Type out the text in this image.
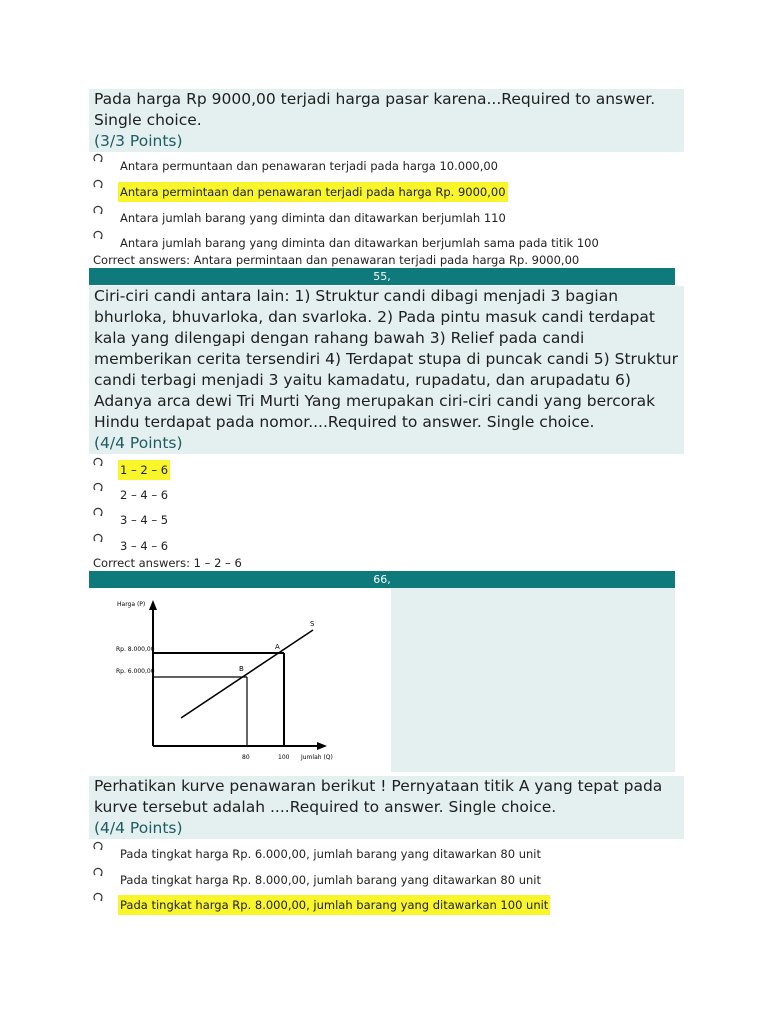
Pada harga Rp 9000,00 terjadi harga pasar karena...Required to answer. Single choice.
(3/3 Points)
Antara permuntaan dan penawaran terjadi pada harga 10.000,00
Antara permintaan dan penawaran terjadi pada harga Rp. 9000,00
Antara jumlah barang yang diminta dan ditawarkan berjumlah 110
Antara jumlah barang yang diminta dan ditawarkan berjumlah sama pada titik 100
Correct answers: Antara permintaan dan penawaran terjadi pada harga Rp. 9000,00
55,
Ciri-ciri candi antara lain: 1) Struktur candi dibagi menjadi 3 bagian bhurloka, bhuvarloka, dan svarloka. 2) Pada pintu masuk candi terdapat kala yang dilengapi dengan rahang bawah 3) Relief pada candi memberikan cerita tersendiri 4) Terdapat stupa di puncak candi 5) Struktur candi terbagi menjadi 3 yaitu kamadatu, rupadatu, dan arupadatu 6) Adanya arca dewi Tri Murti Yang merupakan ciri-ciri candi yang bercorak Hindu terdapat pada nomor....Required to answer. Single choice.
(4/4 Points)
1 – 2 – 6
2 – 4 – 6
3 – 4 – 5
3 – 4 – 6
Correct answers: 1 – 2 – 6
66,
Harga (P)
Jumlah (Q)
S
Rp. 8.000,00
Rp. 6.000,00
80	100
A
B
Perhatikan kurve penawaran berikut ! Pernyataan titik A yang tepat pada kurve tersebut adalah ....Required to answer. Single choice.
(4/4 Points)
Pada tingkat harga Rp. 6.000,00, jumlah barang yang ditawarkan 80 unit
Pada tingkat harga Rp. 8.000,00, jumlah barang yang ditawarkan 80 unit
Pada tingkat harga Rp. 8.000,00, jumlah barang yang ditawarkan 100 unit
